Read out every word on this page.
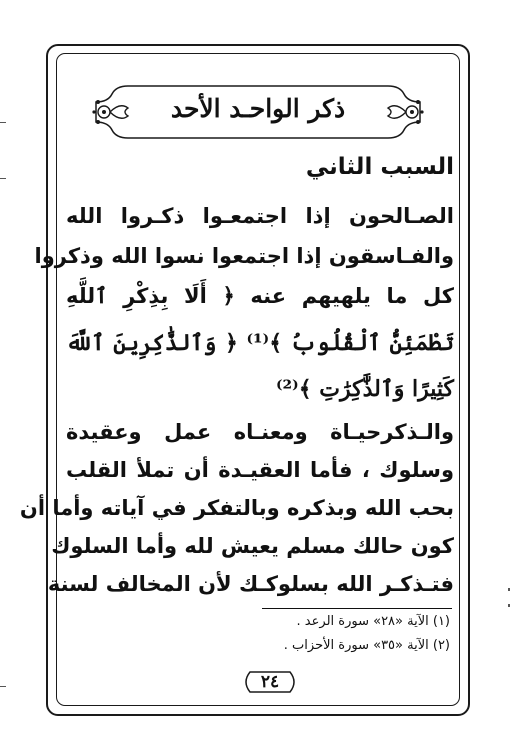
ذكر الواحـد الأحد
السبب الثاني
الصـالحون إذا اجتمعـوا ذكـروا الله
والفـاسقون إذا اجتمعوا نسوا الله وذكروا
كل ما يلهيهم عنه ﴿ أَلَا بِذِكْرِ ٱللَّهِ
تَطْمَئِنُّ ٱلْقُلُوبُ ﴾⁽¹⁾ ﴿ وَٱلذَّٰكِرِينَ ٱللَّهَ
كَثِيرًا وَٱلذَّٰكِرَٰتِ ﴾⁽²⁾
والـذكرحيـاة ومعنـاه عمل وعقيدة
وسلوك ، فأما العقيـدة أن تملأ القلب
بحب الله وبذكره وبالتفكر في آياته وأما أن
كون حالك مسلم يعيش لله وأما السلوك
فتـذكـر الله بسلوكـك لأن المخالف لسنة
(١) الآية «٢٨» سورة الرعد .
(٢) الآية «٣٥» سورة الأحزاب .
٢٤
